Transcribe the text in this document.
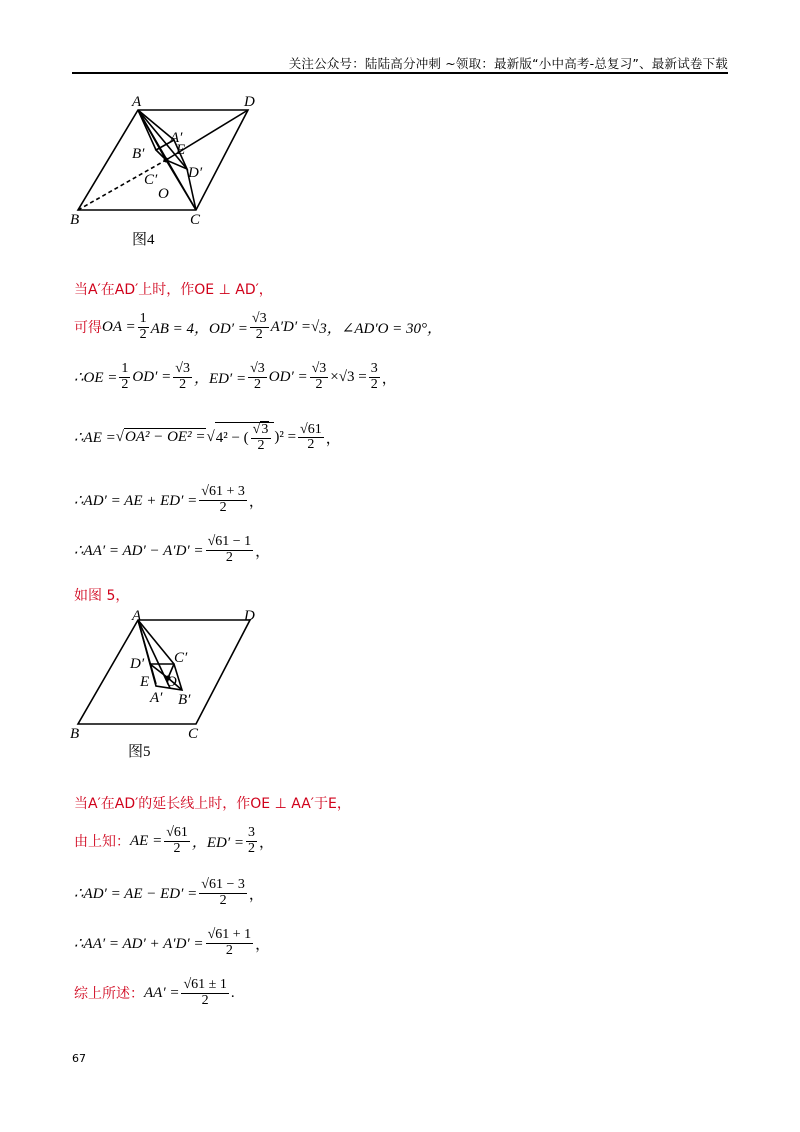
关注公众号：陆陆高分冲刺 ~领取：最新版“小中高考-总复习”、最新试卷下载
A	D
B	C
A′
B′
C′ D′
E
O
图4
当A′在AD′上时，作OE ⊥ AD′，
可得 OA = $\frac{1}{2}$ AB = 4，$OD' = \frac{√3}{2} A'D'$ = √ 3，∠AD′O = 30°，
∴OE = $\frac{1}{2} OD' = \frac{√3}{2}$ ，$ED' = \frac{√3}{2} OD' = \frac{√3}{2}$ × √ $3 = \frac{3}{2}$ ，
∴AE = √ OA² − OE² = √ 4² − ( $\frac{√3}{2} )^2 = \frac{√61}{2}$ ，
∴AD′ = AE + $ED' = \frac{√61 + 3}{2}$ ，
∴AA′ = $AD' - A'D' = \frac{√61 - 1}{2}$ ，
如图 5，
A	D
B	C
D′ C′
E O
A′ B′
图5
当A′在AD′的延长线上时，作OE ⊥ AA′于E，
由上知： AE = $\frac{√61}{2}$ ，$ED' = \frac{3}{2}$ ，
∴AD′ = AE − $ED' = \frac{√61 - 3}{2}$ ，
∴AA′ = $AD' + A'D' = \frac{√61 + 1}{2}$ ，
综上所述： $AA' = \frac{√61 \pm 1}{2}$ .
67
